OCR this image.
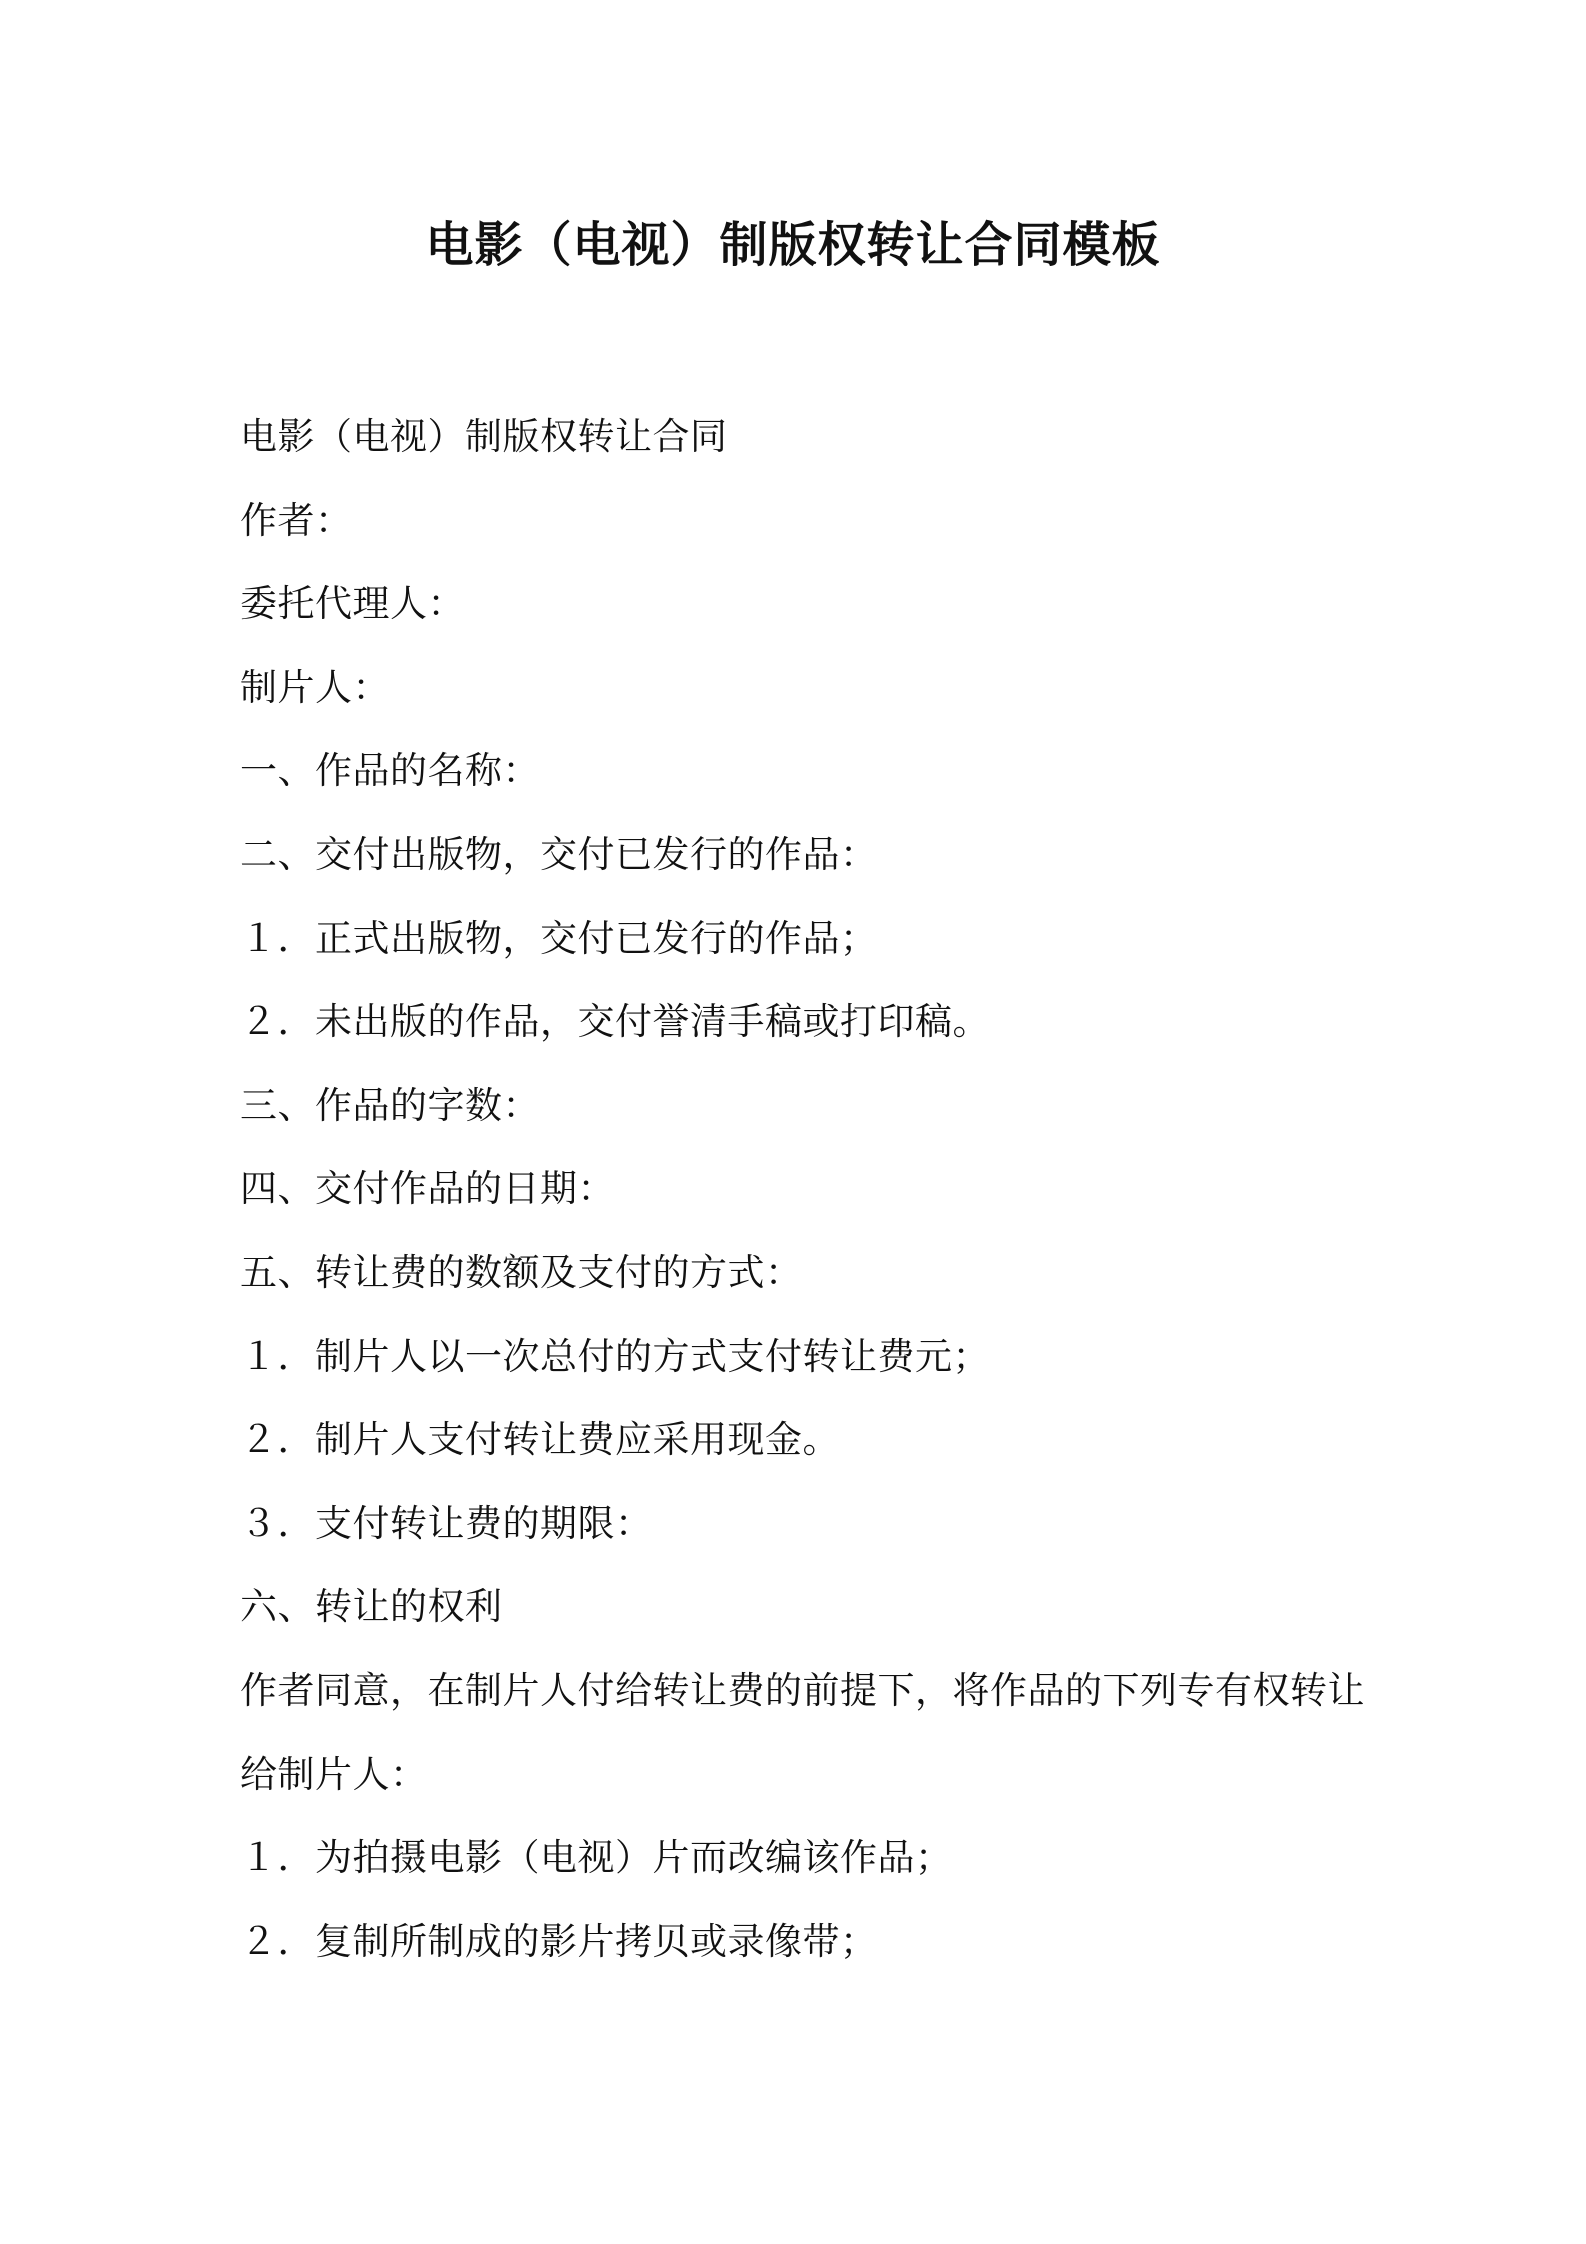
电影（电视）制版权转让合同模板
电影（电视）制版权转让合同
作者：
委托代理人：
制片人：
一、作品的名称：
二、交付出版物，交付已发行的作品：
１．正式出版物，交付已发行的作品；
２．未出版的作品，交付誉清手稿或打印稿。
三、作品的字数：
四、交付作品的日期：
五、转让费的数额及支付的方式：
１．制片人以一次总付的方式支付转让费元；
２．制片人支付转让费应采用现金。
３．支付转让费的期限：
六、转让的权利
作者同意，在制片人付给转让费的前提下，将作品的下列专有权转让
给制片人：
１．为拍摄电影（电视）片而改编该作品；
２．复制所制成的影片拷贝或录像带；
